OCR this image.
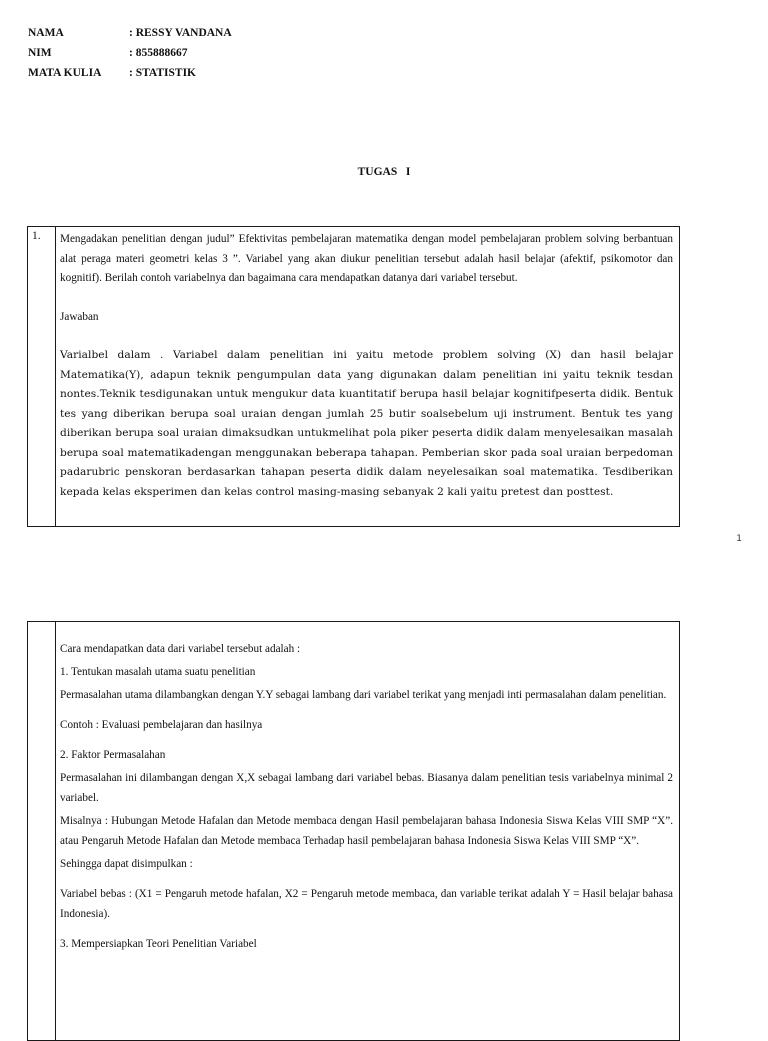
NAMA	: RESSY VANDANA
NIM	: 855888667
MATA KULIA	: STATISTIK
TUGAS   I
1.	Mengadakan penelitian dengan judul” Efektivitas pembelajaran matematika dengan model pembelajaran problem solving berbantuan alat peraga materi geometri kelas 3 ”. Variabel yang akan diukur penelitian tersebut adalah hasil belajar (afektif, psikomotor dan kognitif). Berilah contoh variabelnya dan bagaimana cara mendapatkan datanya dari variabel tersebut.

Jawaban

Varialbel dalam . Variabel dalam penelitian ini yaitu metode problem solving (X) dan hasil belajar Matematika(Y), adapun teknik pengumpulan data yang digunakan dalam penelitian ini yaitu teknik tesdan nontes.Teknik tesdigunakan untuk mengukur data kuantitatif berupa hasil belajar kognitifpeserta didik. Bentuk tes yang diberikan berupa soal uraian dengan jumlah 25 butir soalsebelum uji instrument. Bentuk tes yang diberikan berupa soal uraian dimaksudkan untukmelihat pola piker peserta didik dalam menyelesaikan masalah berupa soal matematikadengan menggunakan beberapa tahapan. Pemberian skor pada soal uraian berpedoman padarubric penskoran berdasarkan tahapan peserta didik dalam neyelesaikan soal matematika. Tesdiberikan kepada kelas eksperimen dan kelas control masing-masing sebanyak 2 kali yaitu pretest dan posttest.

1

Cara mendapatkan data dari variabel tersebut adalah :

1. Tentukan masalah utama suatu penelitian

Permasalahan utama dilambangkan dengan Y.Y sebagai lambang dari variabel terikat yang menjadi inti permasalahan dalam penelitian.

Contoh : Evaluasi pembelajaran dan hasilnya

2. Faktor Permasalahan

Permasalahan ini dilambangan dengan X,X sebagai lambang dari variabel bebas. Biasanya dalam penelitian tesis variabelnya minimal 2 variabel.

Misalnya : Hubungan Metode Hafalan dan Metode membaca dengan Hasil pembelajaran bahasa Indonesia Siswa Kelas VIII SMP “X”. atau Pengaruh Metode Hafalan dan Metode membaca Terhadap hasil pembelajaran bahasa Indonesia Siswa Kelas VIII SMP “X”.

Sehingga dapat disimpulkan :

Variabel bebas : (X1 = Pengaruh metode hafalan, X2 = Pengaruh metode membaca, dan variable terikat adalah Y = Hasil belajar bahasa Indonesia).

3. Mempersiapkan Teori Penelitian Variabel
